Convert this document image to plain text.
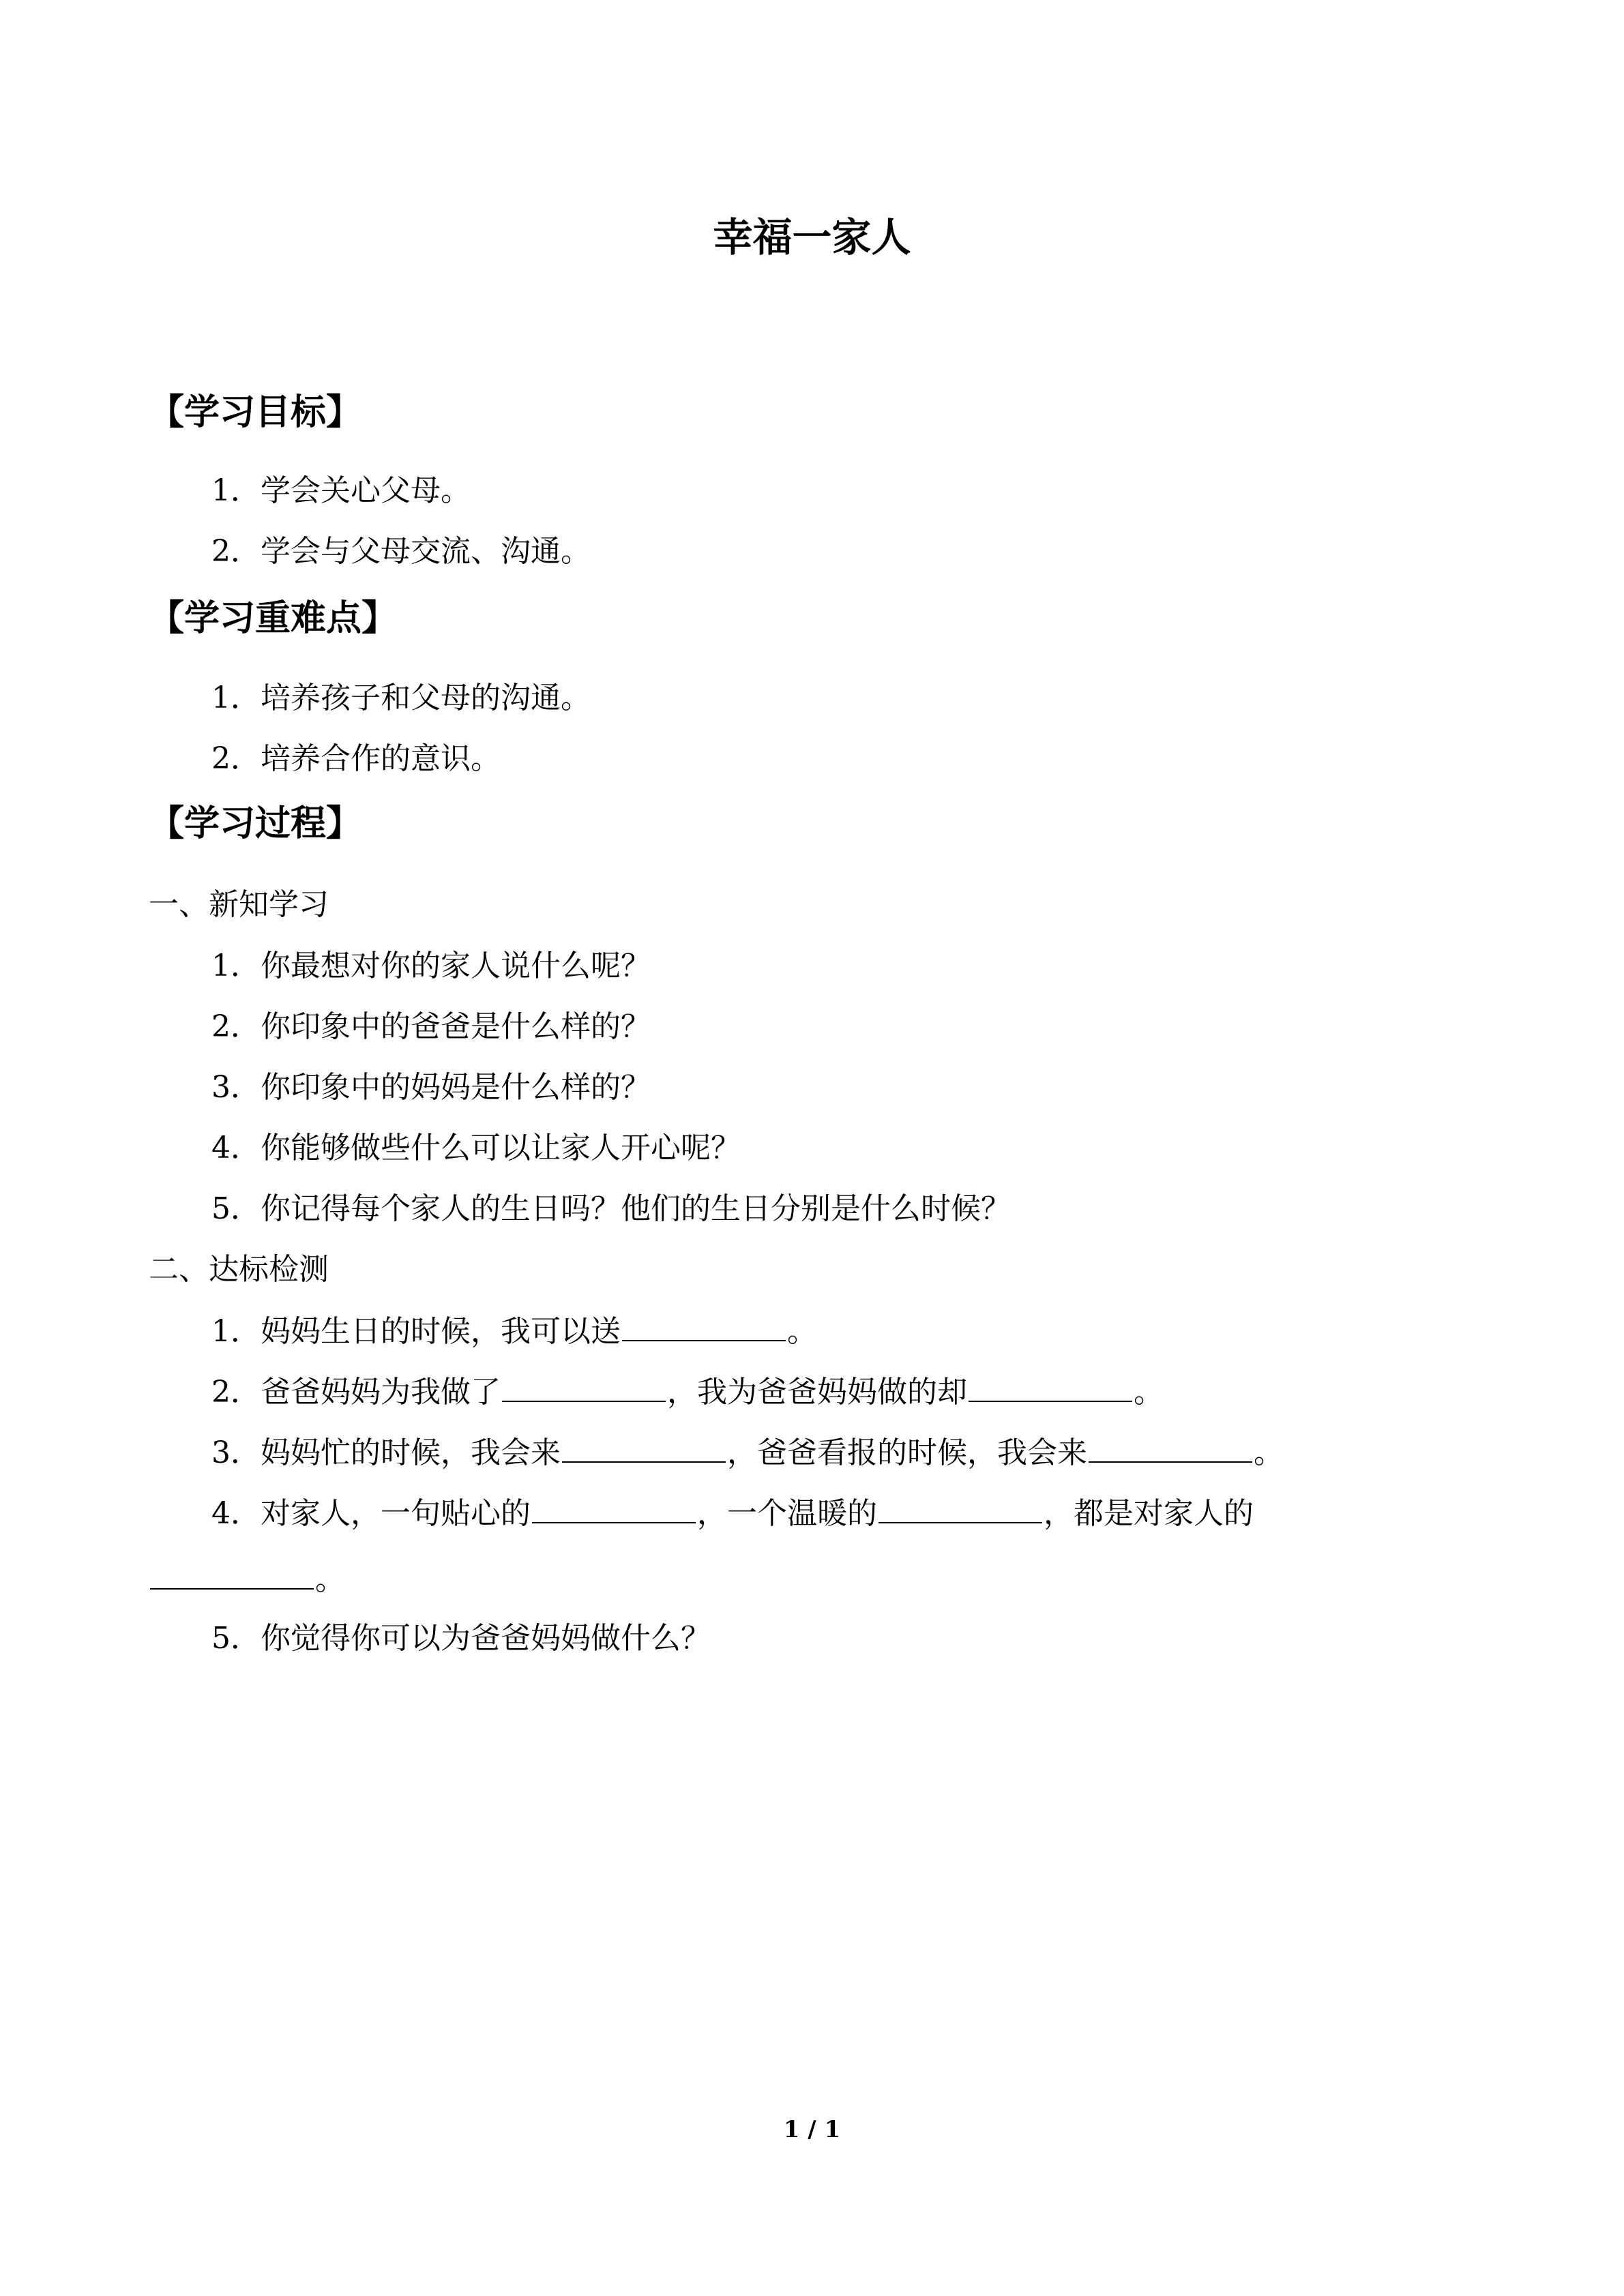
幸福一家人
【学习目标】
1．学会关心父母。
2．学会与父母交流、沟通。
【学习重难点】
1．培养孩子和父母的沟通。
2．培养合作的意识。
【学习过程】
一、新知学习
1．你最想对你的家人说什么呢？
2．你印象中的爸爸是什么样的？
3．你印象中的妈妈是什么样的？
4．你能够做些什么可以让家人开心呢？
5．你记得每个家人的生日吗？他们的生日分别是什么时候？
二、达标检测
1．妈妈生日的时候，我可以送	。
2．爸爸妈妈为我做了	，我为爸爸妈妈做的却	。
3．妈妈忙的时候，我会来	，爸爸看报的时候，我会来	。
4．对家人，一句贴心的	，一个温暖的	，都是对家人的
。
5．你觉得你可以为爸爸妈妈做什么？
1 / 1
